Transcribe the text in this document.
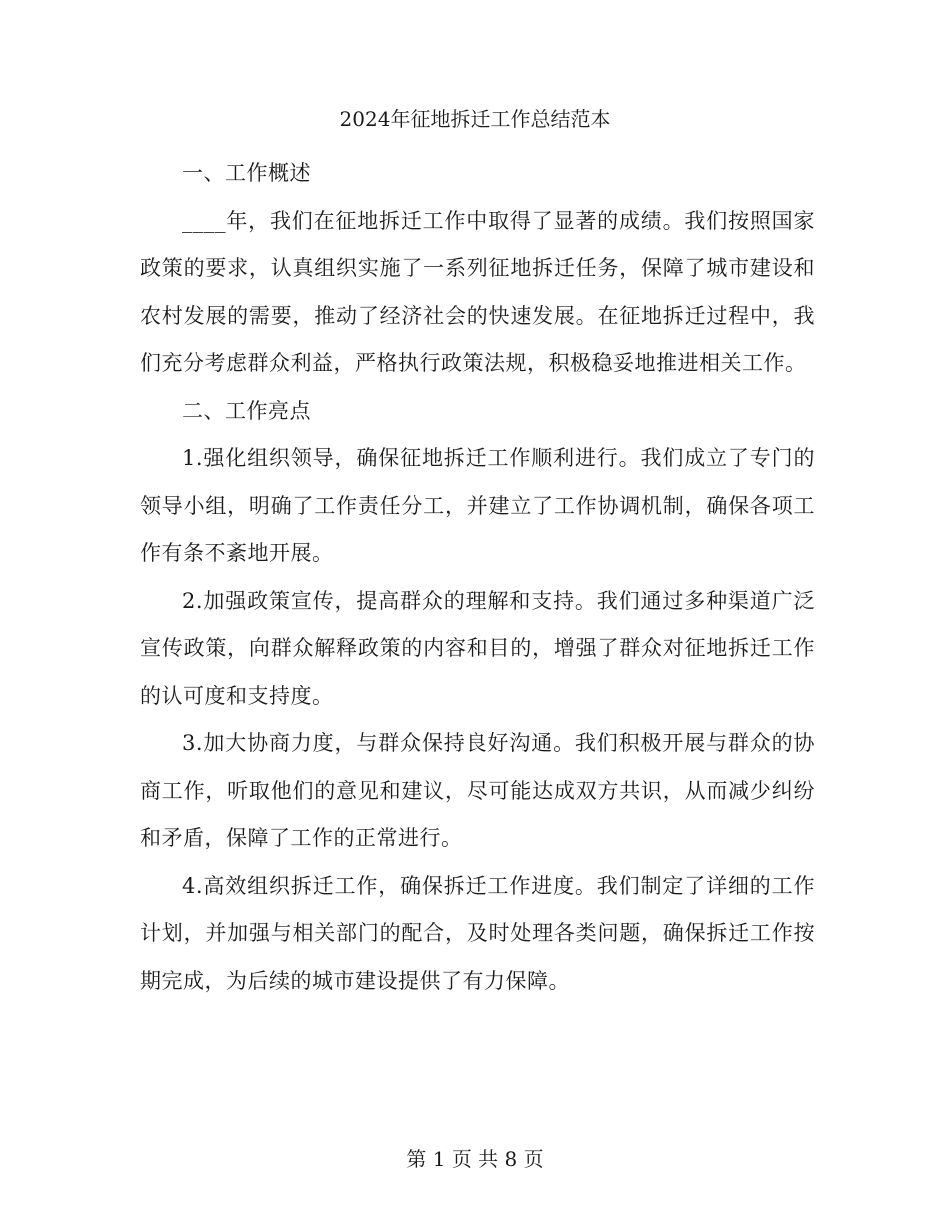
2024年征地拆迁工作总结范本

一、工作概述

____年，我们在征地拆迁工作中取得了显著的成绩。我们按照国家政策的要求，认真组织实施了一系列征地拆迁任务，保障了城市建设和农村发展的需要，推动了经济社会的快速发展。在征地拆迁过程中，我们充分考虑群众利益，严格执行政策法规，积极稳妥地推进相关工作。

二、工作亮点

1.强化组织领导，确保征地拆迁工作顺利进行。我们成立了专门的领导小组，明确了工作责任分工，并建立了工作协调机制，确保各项工作有条不紊地开展。

2.加强政策宣传，提高群众的理解和支持。我们通过多种渠道广泛宣传政策，向群众解释政策的内容和目的，增强了群众对征地拆迁工作的认可度和支持度。

3.加大协商力度，与群众保持良好沟通。我们积极开展与群众的协商工作，听取他们的意见和建议，尽可能达成双方共识，从而减少纠纷和矛盾，保障了工作的正常进行。

4.高效组织拆迁工作，确保拆迁工作进度。我们制定了详细的工作计划，并加强与相关部门的配合，及时处理各类问题，确保拆迁工作按期完成，为后续的城市建设提供了有力保障。

第 1 页 共 8 页
